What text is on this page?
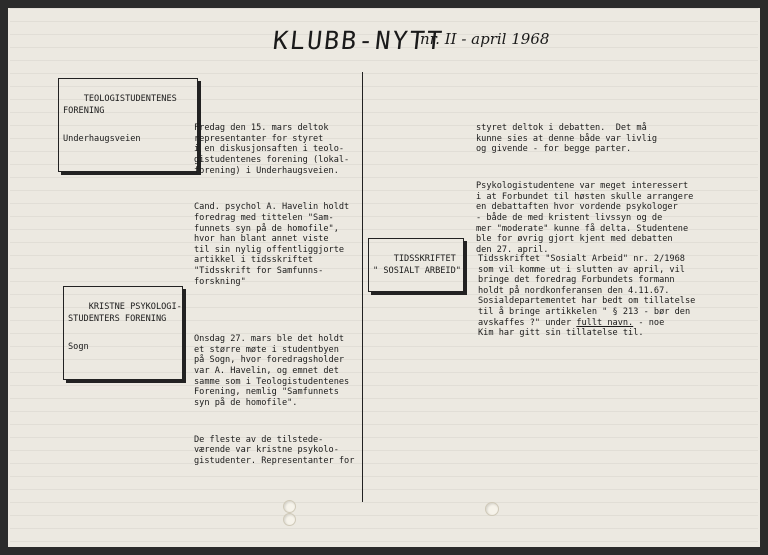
KLUBB-NYTT
nr. II - april 1968

TEOLOGISTUDENTENES
FORENING

Underhaugsveien

Fredag den 15. mars deltok
representanter for styret
i en diskusjonsaften i teolo-
gistudentenes forening (lokal-
forening) i Underhaugsveien.

Cand. psychol A. Havelin holdt
foredrag med tittelen "Sam-
funnets syn på de homofile",
hvor han blant annet viste
til sin nylig offentliggjorte
artikkel i tidsskriftet
"Tidsskrift for Samfunns-
forskning"

KRISTNE PSYKOLOGI-
STUDENTERS FORENING

Sogn

Onsdag 27. mars ble det holdt
et større møte i studentbyen
på Sogn, hvor foredragsholder
var A. Havelin, og emnet det
samme som i Teologistudentenes
Forening, nemlig "Samfunnets
syn på de homofile".

De fleste av de tilstede-
værende var kristne psykolo-
gistudenter. Representanter for

styret deltok i debatten.  Det må
kunne sies at denne både var livlig
og givende - for begge parter.

Psykologistudentene var meget interessert
i at Forbundet til høsten skulle arrangere
en debattaften hvor vordende psykologer
- både de med kristent livssyn og de
mer "moderate" kunne få delta. Studentene
ble for øvrig gjort kjent med debatten
den 27. april.

TIDSSKRIFTET
" SOSIALT ARBEID"

Tidsskriftet "Sosialt Arbeid" nr. 2/1968
som vil komme ut i slutten av april, vil
bringe det foredrag Forbundets formann
holdt på nordkonferansen den 4.11.67.
Sosialdepartementet har bedt om tillatelse
til å bringe artikkelen " § 213 - bør den
avskaffes ?" under fullt navn. - noe
Kim har gitt sin tillatelse til.
